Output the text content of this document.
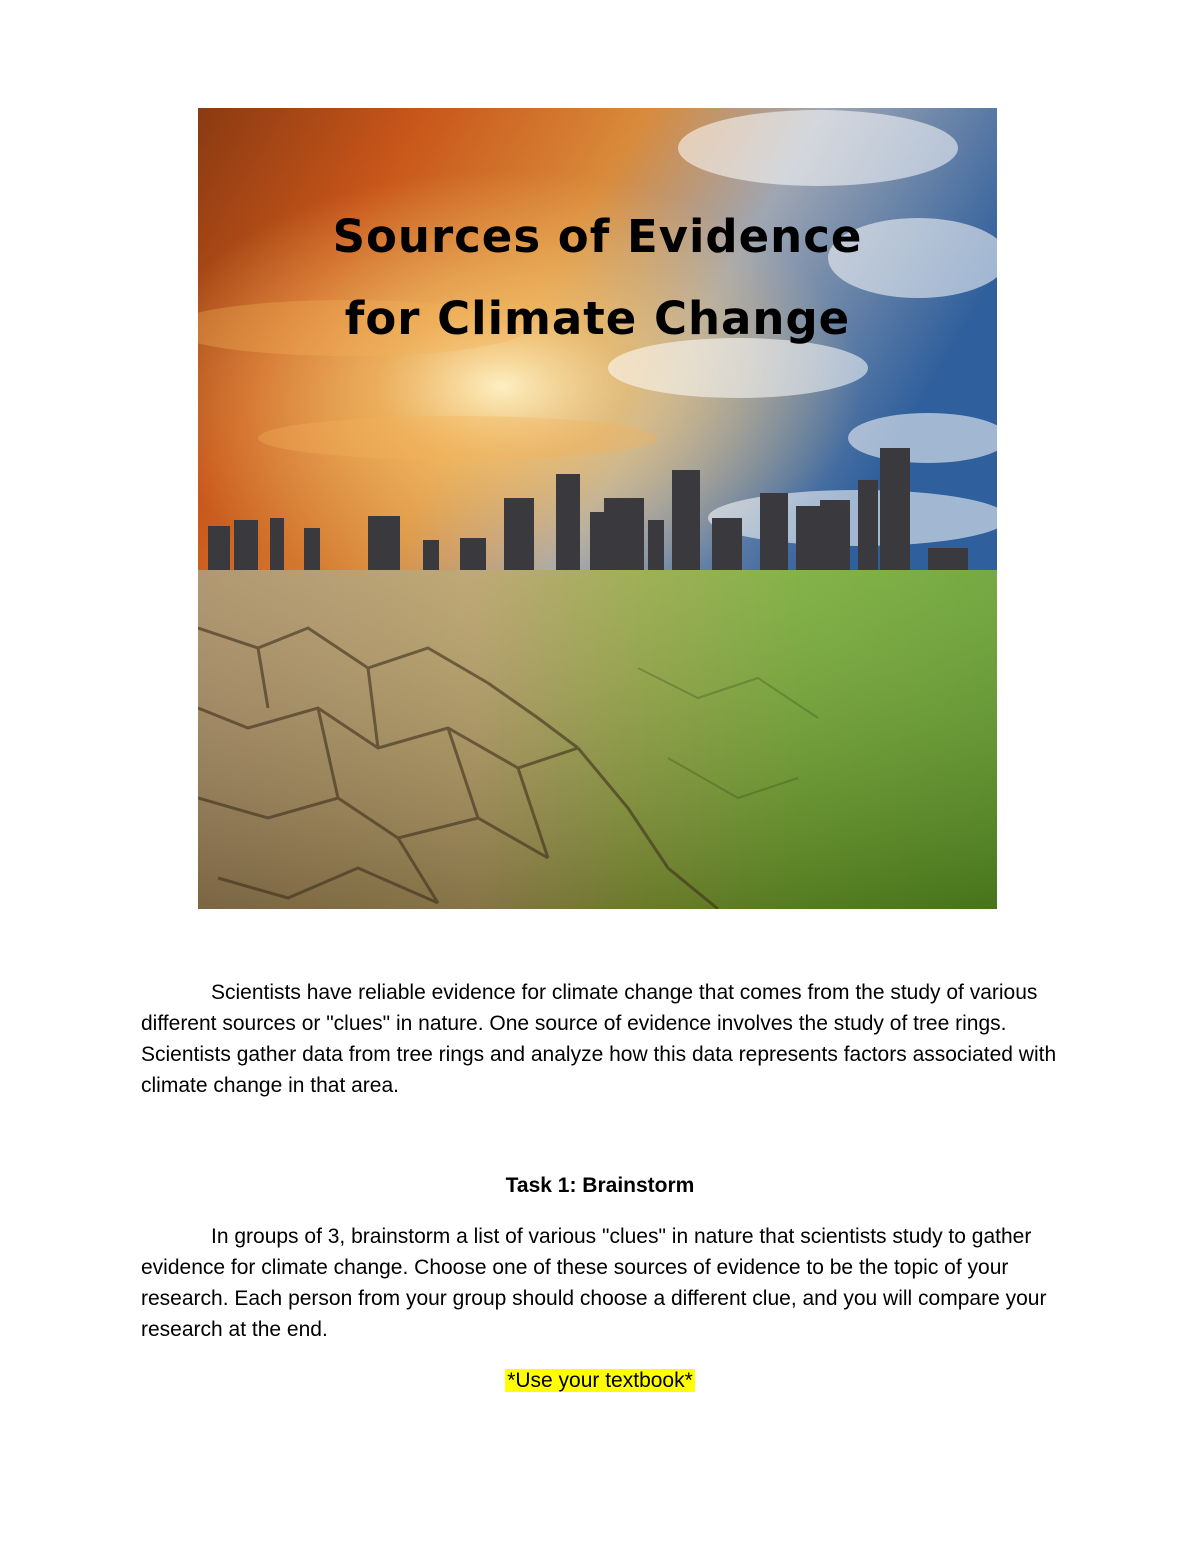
Sources of Evidence
for Climate Change

Scientists have reliable evidence for climate change that comes from the study of various different sources or "clues" in nature. One source of evidence involves the study of tree rings. Scientists gather data from tree rings and analyze how this data represents factors associated with climate change in that area.

Task 1: Brainstorm

In groups of 3, brainstorm a list of various "clues" in nature that scientists study to gather evidence for climate change. Choose one of these sources of evidence to be the topic of your research. Each person from your group should choose a different clue, and you will compare your research at the end.

*Use your textbook*
